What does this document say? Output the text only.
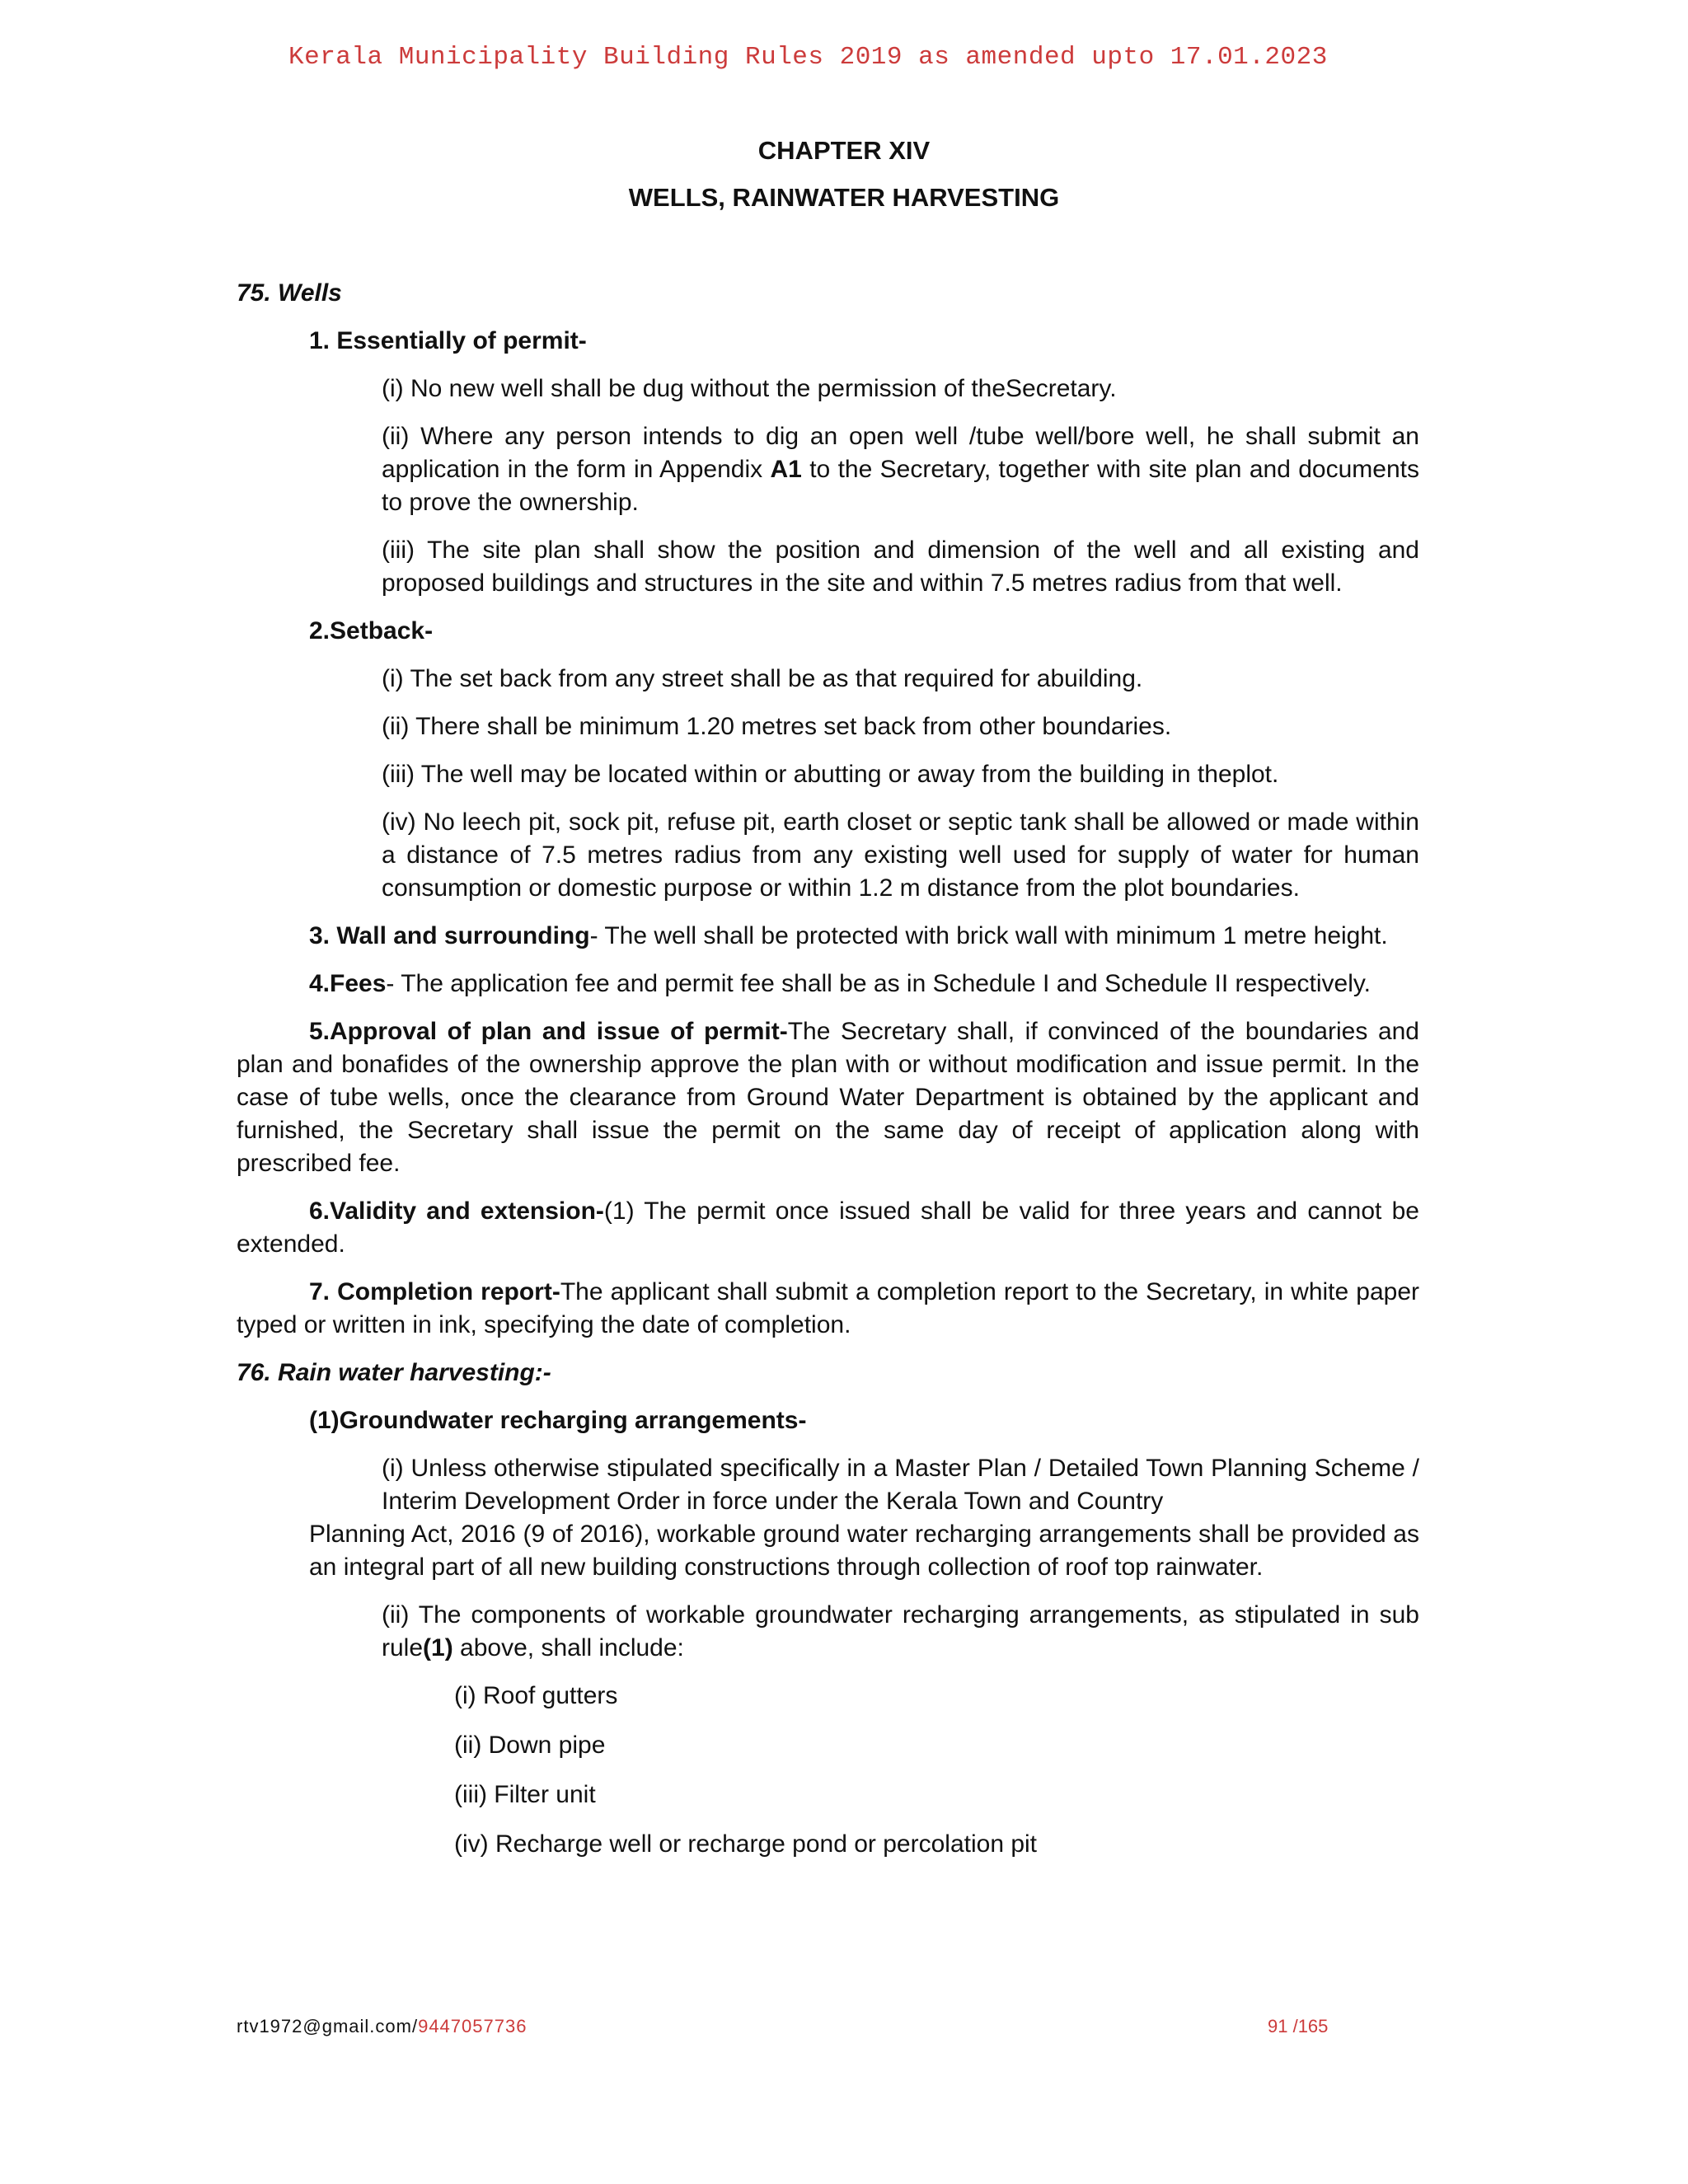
Kerala Municipality Building Rules 2019 as amended upto 17.01.2023
CHAPTER XIV
WELLS, RAINWATER HARVESTING

75. Wells

1. Essentially of permit-

(i) No new well shall be dug without the permission of theSecretary.

(ii) Where any person intends to dig an open well /tube well/bore well, he shall submit an application in the form in Appendix A1 to the Secretary, together with site plan and documents to prove the ownership.

(iii) The site plan shall show the position and dimension of the well and all existing and proposed buildings and structures in the site and within 7.5 metres radius from that well.

2.Setback-

(i) The set back from any street shall be as that required for abuilding.

(ii) There shall be minimum 1.20 metres set back from other boundaries.

(iii) The well may be located within or abutting or away from the building in theplot.

(iv) No leech pit, sock pit, refuse pit, earth closet or septic tank shall be allowed or made within a distance of 7.5 metres radius from any existing well used for supply of water for human consumption or domestic purpose or within 1.2 m distance from the plot boundaries.

3. Wall and surrounding- The well shall be protected with brick wall with minimum 1 metre height.

4.Fees- The application fee and permit fee shall be as in Schedule I and Schedule II respectively.

5.Approval of plan and issue of permit-The Secretary shall, if convinced of the boundaries and plan and bonafides of the ownership approve the plan with or without modification and issue permit. In the case of tube wells, once the clearance from Ground Water Department is obtained by the applicant and furnished, the Secretary shall issue the permit on the same day of receipt of application along with prescribed fee.

6.Validity and extension-(1) The permit once issued shall be valid for three years and cannot be extended.

7. Completion report-The applicant shall submit a completion report to the Secretary, in white paper typed or written in ink, specifying the date of completion.

76. Rain water harvesting:-

(1)Groundwater recharging arrangements-

(i) Unless otherwise stipulated specifically in a Master Plan / Detailed Town Planning Scheme / Interim Development Order in force under the Kerala Town and Country
Planning Act, 2016 (9 of 2016), workable ground water recharging arrangements shall be provided as an integral part of all new building constructions through collection of roof top rainwater.

(ii) The components of workable groundwater recharging arrangements, as stipulated in sub rule(1) above, shall include:

(i) Roof gutters

(ii) Down pipe

(iii) Filter unit

(iv) Recharge well or recharge pond or percolation pit

rtv1972@gmail.com/9447057736	91 /165
